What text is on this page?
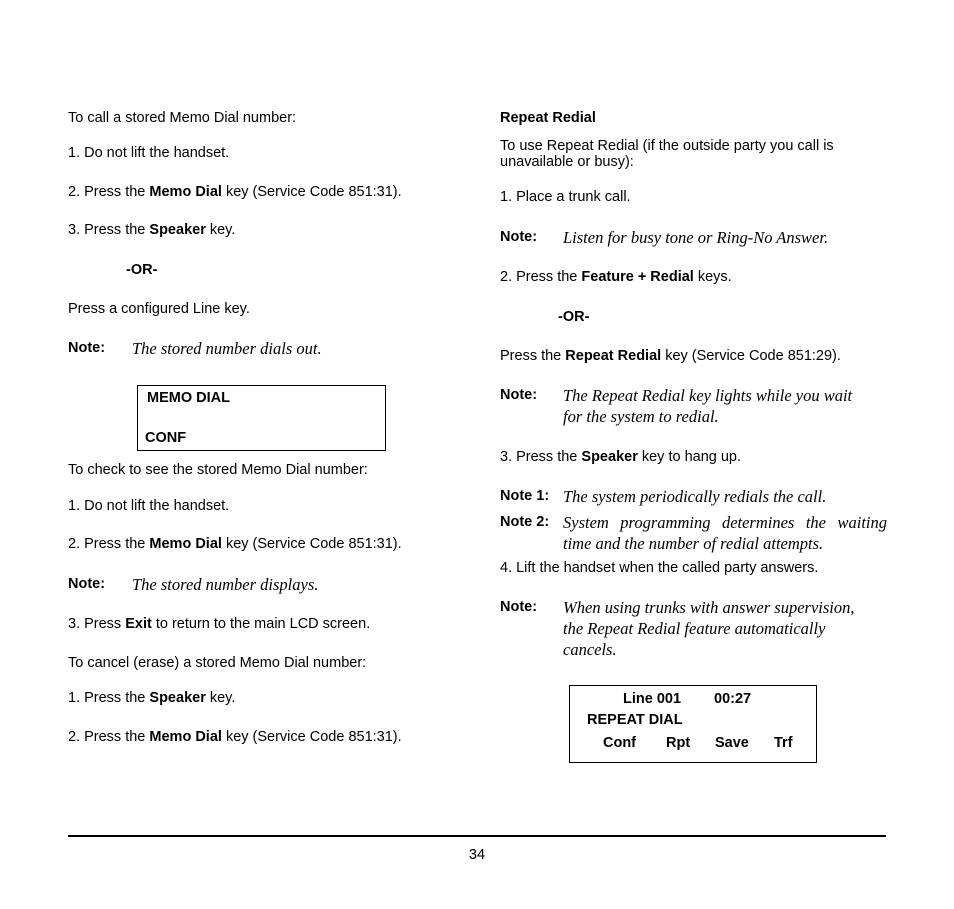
To call a stored Memo Dial number:
1. Do not lift the handset.
2. Press the Memo Dial key (Service Code 851:31).
3. Press the Speaker key.
-OR-
Press a configured Line key.
Note: The stored number dials out.
MEMO DIAL
CONF
To check to see the stored Memo Dial number:
1. Do not lift the handset.
2. Press the Memo Dial key (Service Code 851:31).
Note: The stored number displays.
3. Press Exit to return to the main LCD screen.
To cancel (erase) a stored Memo Dial number:
1. Press the Speaker key.
2. Press the Memo Dial key (Service Code 851:31).
Repeat Redial
To use Repeat Redial (if the outside party you call is
unavailable or busy):
1. Place a trunk call.
Note: Listen for busy tone or Ring-No Answer.
2. Press the Feature + Redial keys.
-OR-
Press the Repeat Redial key (Service Code 851:29).
Note: The Repeat Redial key lights while you wait
for the system to redial.
3. Press the Speaker key to hang up.
Note 1: The system periodically redials the call.
Note 2: System programming determines the waiting
time and the number of redial attempts.
4. Lift the handset when the called party answers.
Note: When using trunks with answer supervision,
the Repeat Redial feature automatically
cancels.
Line 001 00:27
REPEAT DIAL
Conf Rpt Save Trf
34
